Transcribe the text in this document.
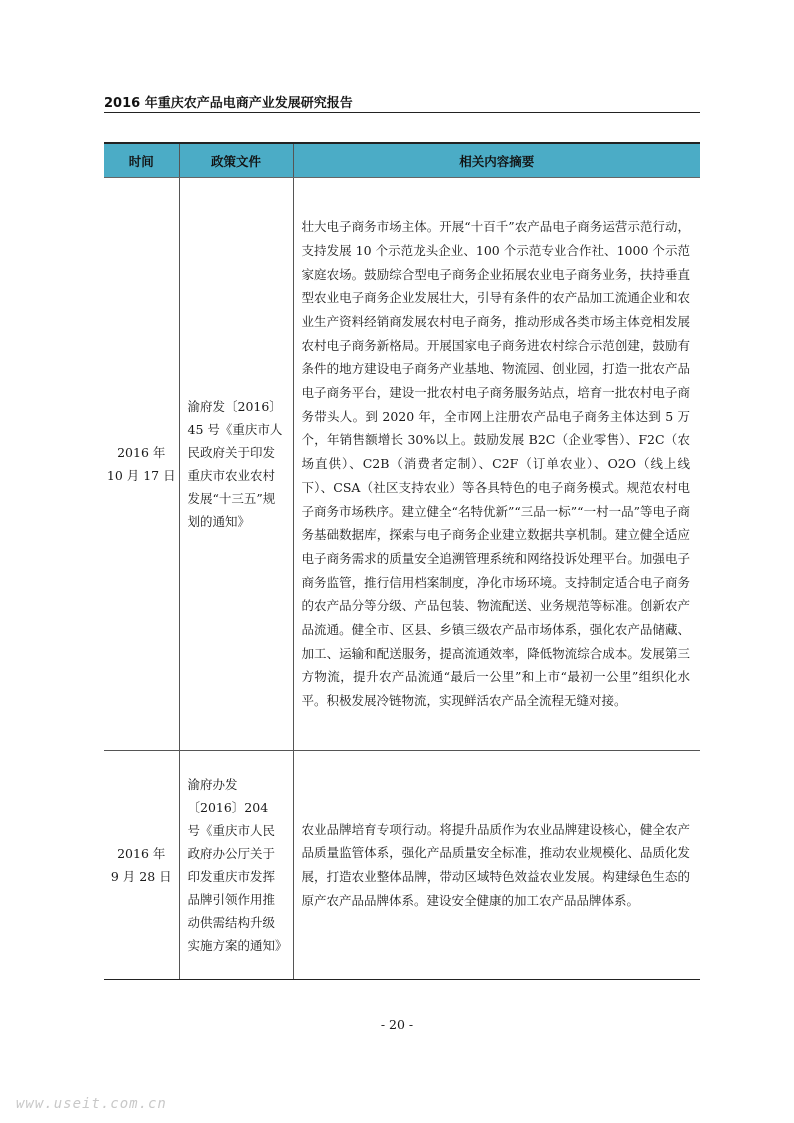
2016 年重庆农产品电商产业发展研究报告
时间	政策文件	相关内容摘要

2016 年
10 月 17 日	渝府发〔2016〕45 号《重庆市人民政府关于印发重庆市农业农村发展“十三五”规划的通知》	壮大电子商务市场主体。开展“十百千”农产品电子商务运营示范行动，支持发展 10 个示范龙头企业、100 个示范专业合作社、1000 个示范家庭农场。鼓励综合型电子商务企业拓展农业电子商务业务，扶持垂直型农业电子商务企业发展壮大，引导有条件的农产品加工流通企业和农业生产资料经销商发展农村电子商务，推动形成各类市场主体竞相发展农村电子商务新格局。开展国家电子商务进农村综合示范创建，鼓励有条件的地方建设电子商务产业基地、物流园、创业园，打造一批农产品电子商务平台，建设一批农村电子商务服务站点，培育一批农村电子商务带头人。到 2020 年，全市网上注册农产品电子商务主体达到 5 万个，年销售额增长 30%以上。鼓励发展 B2C（企业零售）、F2C（农场直供）、C2B（消费者定制）、C2F（订单农业）、O2O（线上线下）、CSA（社区支持农业）等各具特色的电子商务模式。规范农村电子商务市场秩序。建立健全“名特优新”“三品一标”“一村一品”等电子商务基础数据库，探索与电子商务企业建立数据共享机制。建立健全适应电子商务需求的质量安全追溯管理系统和网络投诉处理平台。加强电子商务监管，推行信用档案制度，净化市场环境。支持制定适合电子商务的农产品分等分级、产品包装、物流配送、业务规范等标准。创新农产品流通。健全市、区县、乡镇三级农产品市场体系，强化农产品储藏、加工、运输和配送服务，提高流通效率，降低物流综合成本。发展第三方物流，提升农产品流通“最后一公里”和上市“最初一公里”组织化水平。积极发展冷链物流，实现鲜活农产品全流程无缝对接。

2016 年
9 月 28 日	渝府办发〔2016〕204 号《重庆市人民政府办公厅关于印发重庆市发挥品牌引领作用推动供需结构升级实施方案的通知》	农业品牌培育专项行动。将提升品质作为农业品牌建设核心，健全农产品质量监管体系，强化产品质量安全标准，推动农业规模化、品质化发展，打造农业整体品牌，带动区域特色效益农业发展。构建绿色生态的原产农产品品牌体系。建设安全健康的加工农产品品牌体系。
- 20 -
www.useit.com.cn
